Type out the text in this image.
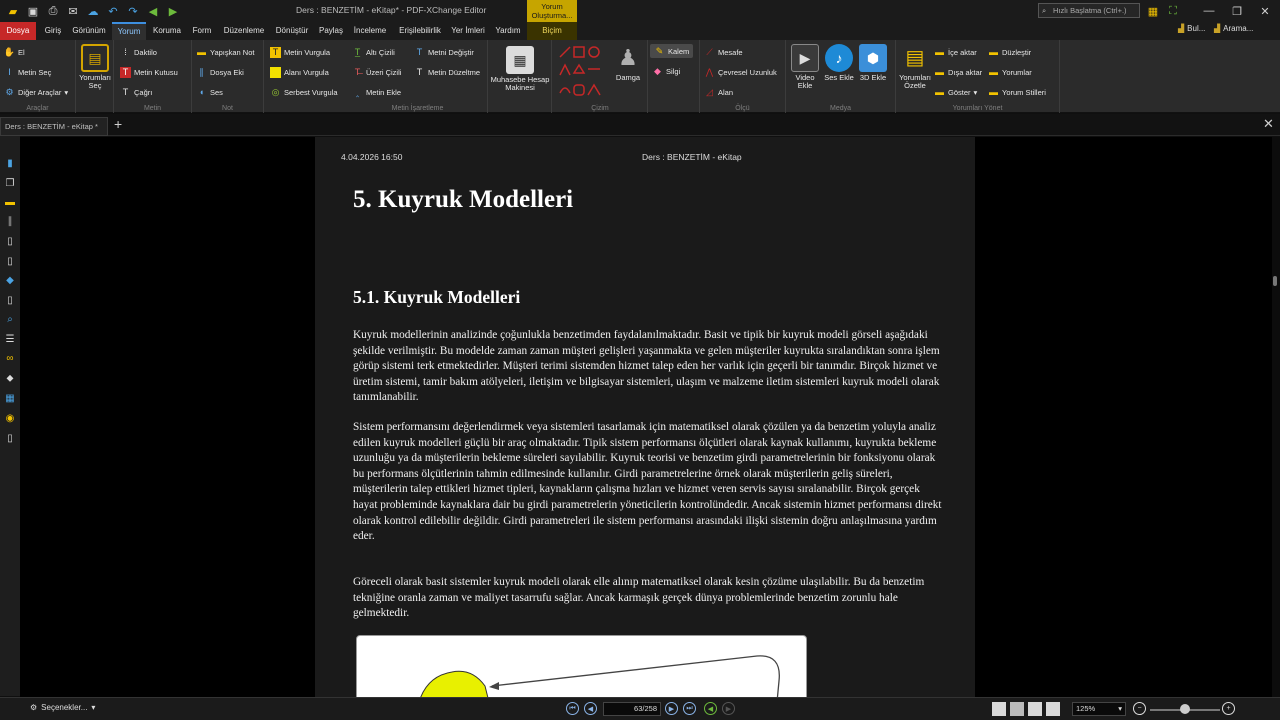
▰ ▣ ⎙ ✉ ☁ ↶ ↷	◀	▶	Ders : BENZETİM - eKitap* - PDF-XChange Editor	Yorum Oluşturma...
⌕ Hızlı Başlatma (Ctrl+.)	▦ ⛶	—	❐	✕
Dosya	Giriş	Görünüm	Yorum	Koruma	Form	Düzenleme	Dönüştür	Paylaş	İnceleme	Erişilebilirlik	Yer İmleri	Yardım	Biçim	▟ Bul... ▟ Arama...
✋ El
Ⅰ Metin Seç
⚙ Diğer Araçlar ▾
Araçlar
▤
Yorumları Seç
⁞ Daktilo
T Metin Kutusu
T Çağrı
Metin
▬ Yapışkan Not
∥ Dosya Eki
◖ Ses
Not
T Metin Vurgula
Alanı Vurgula
◎ Serbest Vurgula
T̲ Altı Çizili
T̶ Üzeri Çizili
‸ Metin Ekle
T Metni Değiştir
T Metin Düzeltme
Metin İşaretleme
▦
Muhasebe Hesap Makinesi
♟
Damga
Çizim
✎ Kalem
◆ Silgi
⟋ Mesafe
⋀ Çevresel Uzunluk
◿ Alan
Ölçü
▶
Video Ekle
♪
Ses Ekle
⬢
3D Ekle
Medya
▤
Yorumları Özetle
▬ İçe aktar
▬ Dışa aktar
▬ Göster ▾
▬ Düzleştir
▬ Yorumlar
▬ Yorum Stilleri
Yorumları Yönet
Ders : BENZETİM - eKitap *	+	✕
▮
❐
▬
∥
▯
▯
◆
▯
⌕
☰
∞
⬥
▦
◉
▯
4.04.2026 16:50	Ders : BENZETİM - eKitap
5. Kuyruk Modelleri
5.1. Kuyruk Modelleri
Kuyruk modellerinin analizinde çoğunlukla benzetimden faydalanılmaktadır. Basit ve tipik bir kuyruk modeli görseli aşağıdaki şekilde verilmiştir. Bu modelde zaman zaman müşteri gelişleri yaşanmakta ve gelen müşteriler kuyrukta sıralandıktan sonra işlem görüp sistemi terk etmektedirler. Müşteri terimi sistemden hizmet talep eden her varlık için geçerli bir tanımdır. Birçok hizmet ve üretim sistemi, tamir bakım atölyeleri, iletişim ve bilgisayar sistemleri, ulaşım ve malzeme iletim sistemleri kuyruk modeli olarak tanımlanabilir.
Sistem performansını değerlendirmek veya sistemleri tasarlamak için matematiksel olarak çözülen ya da benzetim yoluyla analiz edilen kuyruk modelleri güçlü bir araç olmaktadır. Tipik sistem performansı ölçütleri olarak kaynak kullanımı, kuyrukta bekleme uzunluğu ya da müşterilerin bekleme süreleri sayılabilir. Kuyruk teorisi ve benzetim girdi parametrelerinin bir fonksiyonu olarak bu performans ölçütlerinin tahmin edilmesinde kullanılır. Girdi parametrelerine örnek olarak müşterilerin geliş süreleri, müşterilerin talep ettikleri hizmet tipleri, kaynakların çalışma hızları ve hizmet veren servis sayısı sıralanabilir. Birçok gerçek hayat probleminde kaynaklara dair bu girdi parametrelerin yöneticilerin kontrolündedir. Ancak sistemin hizmet performansı direkt olarak kontrol edilebilir değildir. Girdi parametreleri ile sistem performansı arasındaki ilişki sistemin doğru anlaşılmasına yardım eder.
Göreceli olarak basit sistemler kuyruk modeli olarak elle alınıp matematiksel olarak kesin çözüme ulaşılabilir. Bu da benzetim tekniğine oranla zaman ve maliyet tasarrufu sağlar. Ancak karmaşık gerçek dünya problemlerinde benzetim zorunlu hale gelmektedir.
⚙ Seçenekler... ▾	⏮	◀	63/258	▶	⏭	◀	▶	125%	▾	−	+
